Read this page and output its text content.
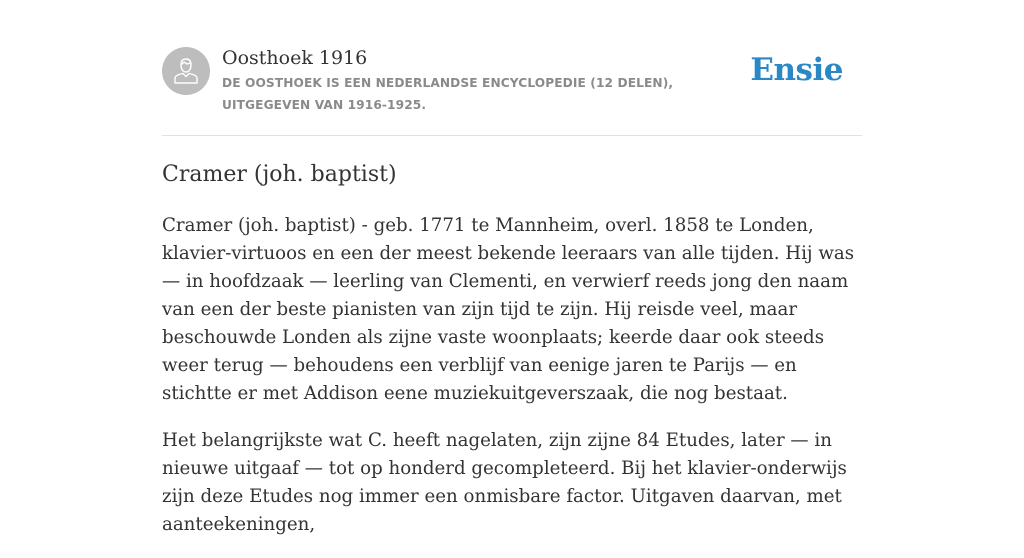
Oosthoek 1916
DE OOSTHOEK IS EEN NEDERLANDSE ENCYCLOPEDIE (12 DELEN), UITGEGEVEN VAN 1916-1925.
Ensie
Cramer (joh. baptist)

Cramer (joh. baptist) - geb. 1771 te Mannheim, overl. 1858 te Londen, klavier-virtuoos en een der meest bekende leeraars van alle tijden. Hij was — in hoofdzaak — leerling van Clementi, en verwierf reeds jong den naam van een der beste pianisten van zijn tijd te zijn. Hij reisde veel, maar beschouwde Londen als zijne vaste woonplaats; keerde daar ook steeds weer terug — behoudens een verblijf van eenige jaren te Parijs — en stichtte er met Addison eene muziekuitgeverszaak, die nog bestaat.

Het belangrijkste wat C. heeft nagelaten, zijn zijne 84 Etudes, later — in nieuwe uitgaaf — tot op honderd gecompleteerd. Bij het klavier-onderwijs zijn deze Etudes nog immer een onmisbare factor. Uitgaven daarvan, met aanteekeningen,
